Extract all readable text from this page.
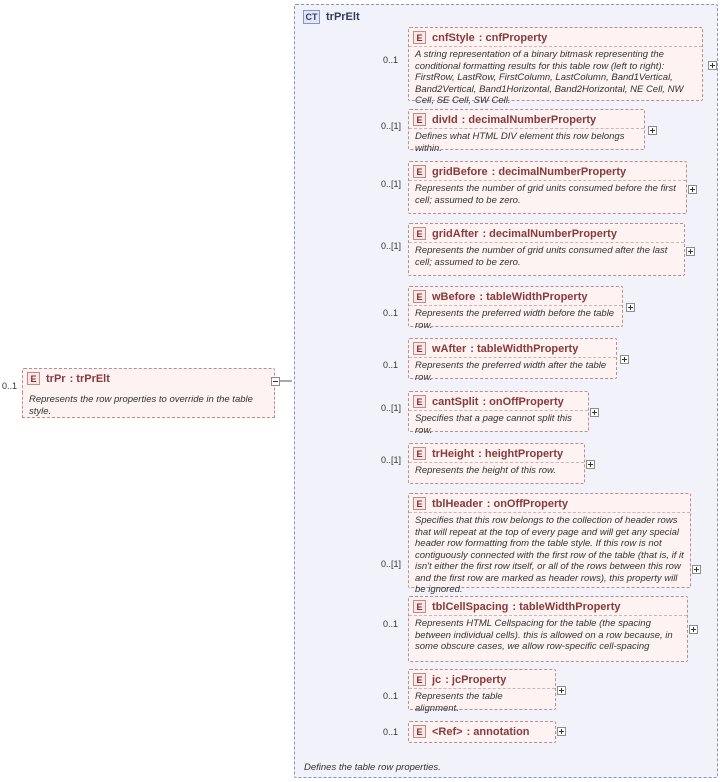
0..1
E trPr : trPrElt
Represents the row properties to override in the table style.
CT trPrElt
Defines the table row properties.
0..1
E cnfStyle : cnfProperty
A string representation of a binary bitmask representing the conditional formatting results for this table row (left to right): FirstRow, LastRow, FirstColumn, LastColumn, Band1Vertical, Band2Vertical, Band1Horizontal, Band2Horizontal, NE Cell, NW Cell, SE Cell, SW Cell.
0..[1]
E divId : decimalNumberProperty
Defines what HTML DIV element this row belongs within.
0..[1]
E gridBefore : decimalNumberProperty
Represents the number of grid units consumed before the first cell; assumed to be zero.
0..[1]
E gridAfter : decimalNumberProperty
Represents the number of grid units consumed after the last cell; assumed to be zero.
0..1
E wBefore : tableWidthProperty
Represents the preferred width before the table row.
0..1
E wAfter : tableWidthProperty
Represents the preferred width after the table row.
0..[1]
E cantSplit : onOffProperty
Specifies that a page cannot split this row.
0..[1]
E trHeight : heightProperty
Represents the height of this row.
0..[1]
E tblHeader : onOffProperty
Specifies that this row belongs to the collection of header rows that will repeat at the top of every page and will get any special header row formatting from the table style. If this row is not contiguously connected with the first row of the table (that is, if it isn't either the first row itself, or all of the rows between this row and the first row are marked as header rows), this property will be ignored.
0..1
E tblCellSpacing : tableWidthProperty
Represents HTML Cellspacing for the table (the spacing between individual cells). this is allowed on a row because, in some obscure cases, we allow row-specific cell-spacing
0..1
E jc : jcProperty
Represents the table alignment.
0..1	E <Ref> : annotation
